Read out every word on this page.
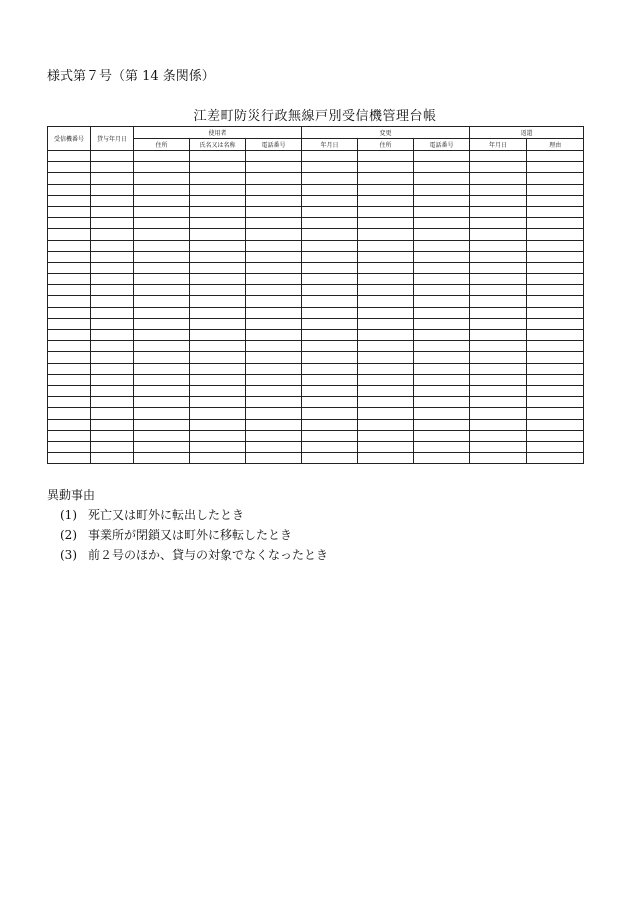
様式第７号（第 14 条関係）
江差町防災行政無線戸別受信機管理台帳
受信機番号	貸与年月日	使用者			変更			返還	
		住所	氏名又は名称	電話番号	年月日	住所	電話番号	年月日	理由

異動事由
(1) 死亡又は町外に転出したとき
(2) 事業所が閉鎖又は町外に移転したとき
(3) 前２号のほか、貸与の対象でなくなったとき
